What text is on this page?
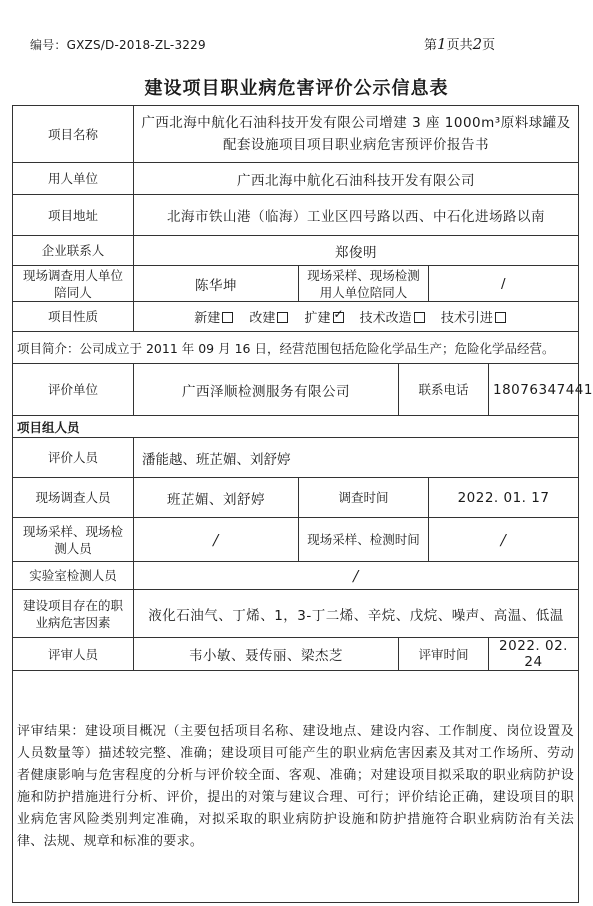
编号：GXZS/D-2018-ZL-3229	第1页共2页
建设项目职业病危害评价公示信息表
项目名称	广西北海中航化石油科技开发有限公司增建 3 座 1000m³原料球罐及配套设施项目项目职业病危害预评价报告书				
用人单位	广西北海中航化石油科技开发有限公司				
项目地址	北海市铁山港（临海）工业区四号路以西、中石化进场路以南				
企业联系人	郑俊明				
现场调查用人单位陪同人	陈华坤	现场采样、现场检测用人单位陪同人		/	
项目性质	新建 改建 扩建 ✓ 技术改造 技术引进
项目简介：公司成立于 2011 年 09 月 16 日，经营范围包括危险化学品生产；危险化学品经营。					
评价单位	广西泽顺检测服务有限公司		联系电话		18076347441
项目组人员					
评价人员	潘能越、班芷媚、刘舒婷				
现场调查人员	班芷媚、刘舒婷	调查时间		2022. 01. 17	
现场采样、现场检测人员	/	现场采样、检测时间		/	
实验室检测人员	/				
建设项目存在的职业病危害因素	液化石油气、丁烯、1，3-丁二烯、辛烷、戊烷、噪声、高温、低温				
评审人员	韦小敏、聂传丽、梁杰芝		评审时间		2022. 02. 24
评审结果：建设项目概况（主要包括项目名称、建设地点、建设内容、工作制度、岗位设置及人员数量等）描述较完整、准确；建设项目可能产生的职业病危害因素及其对工作场所、劳动者健康影响与危害程度的分析与评价较全面、客观、准确；对建设项目拟采取的职业病防护设施和防护措施进行分析、评价，提出的对策与建议合理、可行；评价结论正确，建设项目的职业病危害风险类别判定准确，对拟采取的职业病防护设施和防护措施符合职业病防治有关法律、法规、规章和标准的要求。					
